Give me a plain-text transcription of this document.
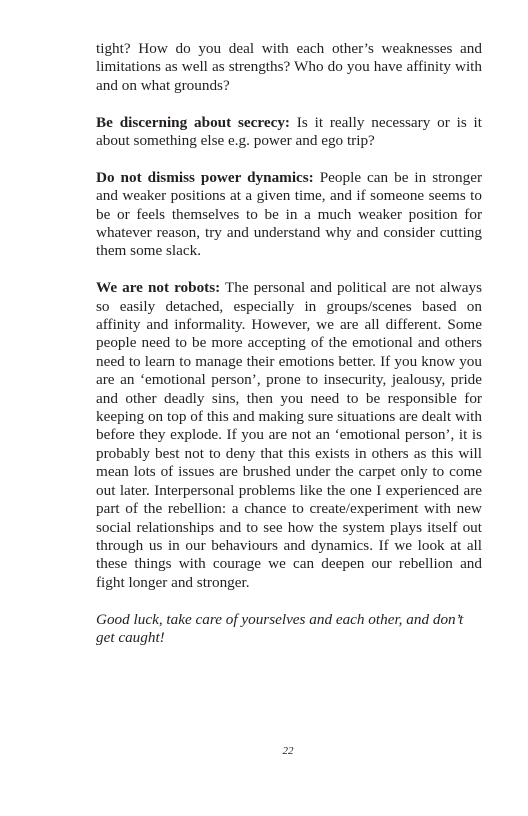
tight? How do you deal with each other’s weaknesses and limitations as well as strengths? Who do you have affinity with and on what grounds?

Be discerning about secrecy: Is it really necessary or is it about something else e.g. power and ego trip?

Do not dismiss power dynamics: People can be in stronger and weaker positions at a given time, and if someone seems to be or feels themselves to be in a much weaker position for whatever reason, try and understand why and consider cutting them some slack.

We are not robots: The personal and political are not always so easily detached, especially in groups/scenes based on affinity and informality. However, we are all different. Some people need to be more accepting of the emotional and others need to learn to manage their emotions better. If you know you are an ‘emotional person’, prone to insecurity, jealousy, pride and other deadly sins, then you need to be responsible for keeping on top of this and making sure situations are dealt with before they explode. If you are not an ‘emotional person’, it is probably best not to deny that this exists in others as this will mean lots of issues are brushed under the carpet only to come out later. Interpersonal problems like the one I experienced are part of the rebellion: a chance to create/experiment with new social relationships and to see how the system plays itself out through us in our behaviours and dynamics. If we look at all these things with courage we can deepen our rebellion and fight longer and stronger.

Good luck, take care of yourselves and each other, and don’t get caught!

22
